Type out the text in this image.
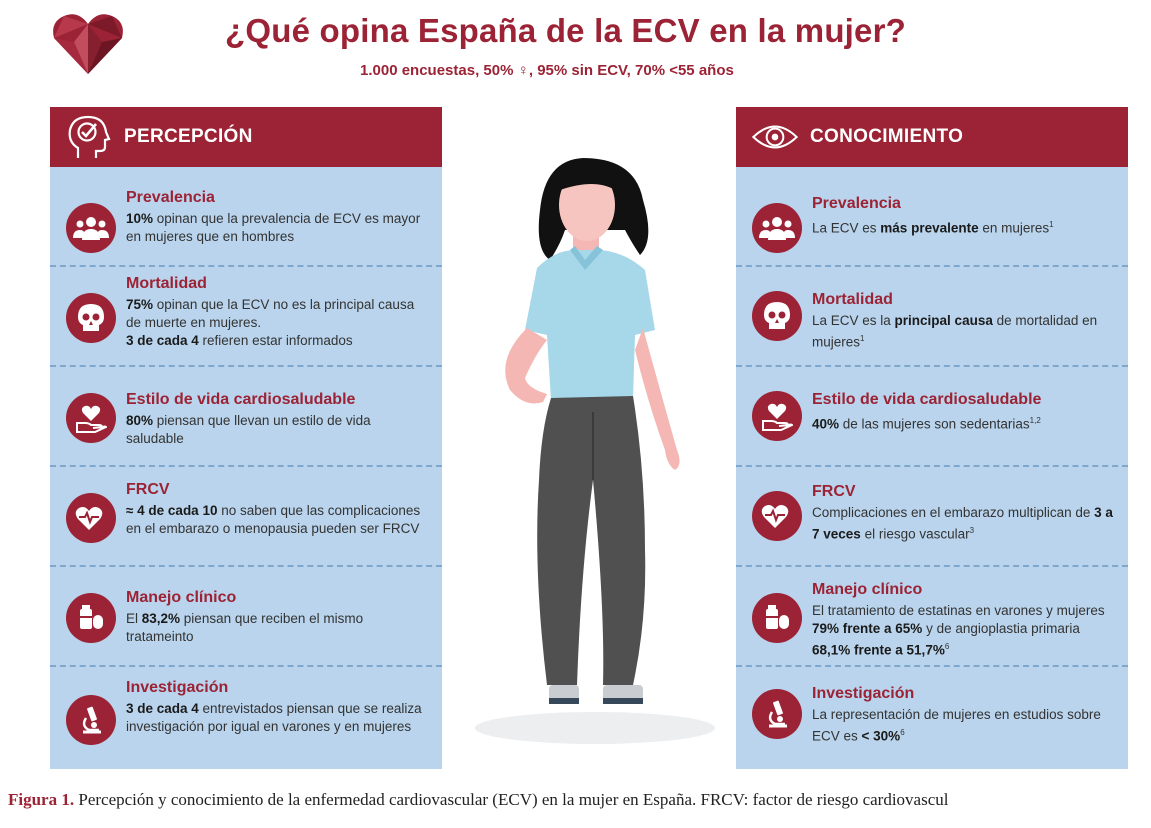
¿Qué opina España de la ECV en la mujer?
1.000 encuestas, 50% ♀, 95% sin ECV, 70% <55 años
PERCEPCIÓN
Prevalencia
10% opinan que la prevalencia de ECV es mayor en mujeres que en hombres
Mortalidad
75% opinan que la ECV no es la principal causa de muerte en mujeres.
3 de cada 4 refieren estar informados
Estilo de vida cardiosaludable
80% piensan que llevan un estilo de vida saludable
FRCV
≈ 4 de cada 10 no saben que las complicaciones en el embarazo o menopausia pueden ser FRCV
Manejo clínico
El 83,2% piensan que reciben el mismo tratameinto
Investigación
3 de cada 4 entrevistados piensan que se realiza investigación por igual en varones y en mujeres
CONOCIMIENTO
Prevalencia
La ECV es más prevalente en mujeres$^1$
Mortalidad
La ECV es la principal causa de mortalidad en mujeres$^1$
Estilo de vida cardiosaludable
40% de las mujeres son sedentarias$^{1,2}$
FRCV
Complicaciones en el embarazo multiplican de 3 a 7 veces el riesgo vascular$^3$
Manejo clínico
El tratamiento de estatinas en varones y mujeres 79% frente a 65% y de angioplastia primaria 68,1% frente a 51,7%$^6$
Investigación
La representación de mujeres en estudios sobre ECV es < 30%$^6$
Figura 1. Percepción y conocimiento de la enfermedad cardiovascular (ECV) en la mujer en España. FRCV: factor de riesgo cardiovascul
